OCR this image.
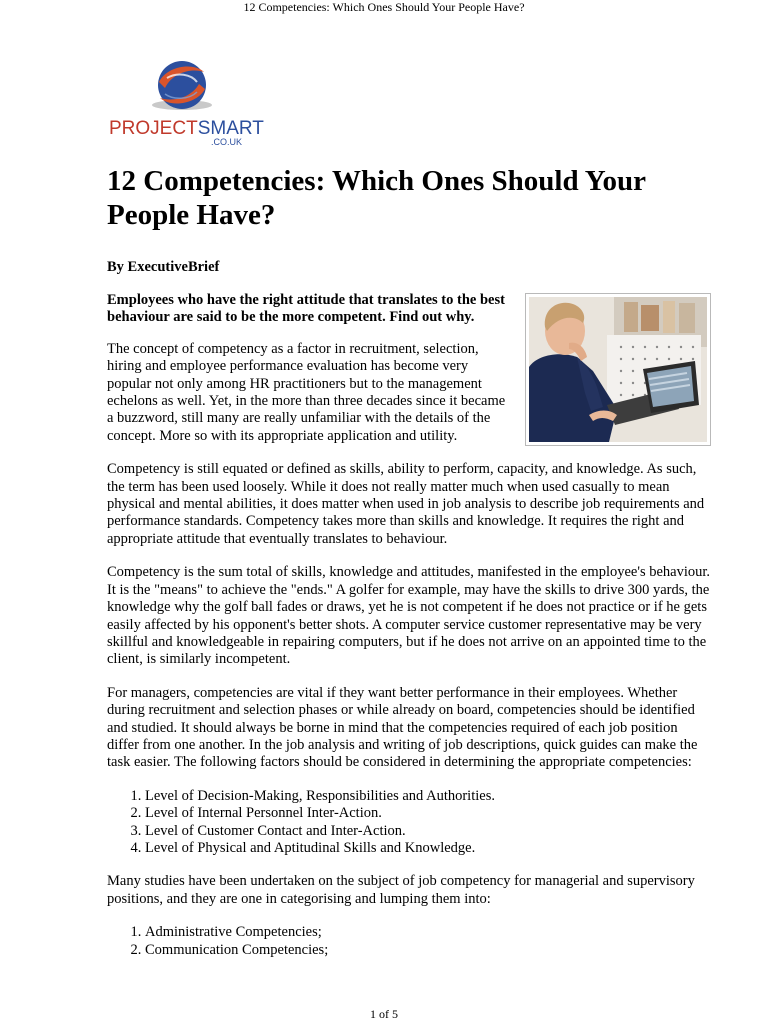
12 Competencies: Which Ones Should Your People Have?
PROJECTSMART
.CO.UK
12 Competencies: Which Ones Should Your People Have?
By ExecutiveBrief

Employees who have the right attitude that translates to the best behaviour are said to be the more competent. Find out why.

The concept of competency as a factor in recruitment, selection, hiring and employee performance evaluation has become very popular not only among HR practitioners but to the management echelons as well. Yet, in the more than three decades since it became a buzzword, still many are really unfamiliar with the details of the concept. More so with its appropriate application and utility.

Competency is still equated or defined as skills, ability to perform, capacity, and knowledge. As such, the term has been used loosely. While it does not really matter much when used casually to mean physical and mental abilities, it does matter when used in job analysis to describe job requirements and performance standards. Competency takes more than skills and knowledge. It requires the right and appropriate attitude that eventually translates to behaviour.

Competency is the sum total of skills, knowledge and attitudes, manifested in the employee's behaviour. It is the "means" to achieve the "ends." A golfer for example, may have the skills to drive 300 yards, the knowledge why the golf ball fades or draws, yet he is not competent if he does not practice or if he gets easily affected by his opponent's better shots. A computer service customer representative may be very skillful and knowledgeable in repairing computers, but if he does not arrive on an appointed time to the client, is similarly incompetent.

For managers, competencies are vital if they want better performance in their employees. Whether during recruitment and selection phases or while already on board, competencies should be identified and studied. It should always be borne in mind that the competencies required of each job position differ from one another. In the job analysis and writing of job descriptions, quick guides can make the task easier. The following factors should be considered in determining the appropriate competencies:

1. Level of Decision-Making, Responsibilities and Authorities.
2. Level of Internal Personnel Inter-Action.
3. Level of Customer Contact and Inter-Action.
4. Level of Physical and Aptitudinal Skills and Knowledge.

Many studies have been undertaken on the subject of job competency for managerial and supervisory positions, and they are one in categorising and lumping them into:

1. Administrative Competencies;
2. Communication Competencies;
1 of 5
